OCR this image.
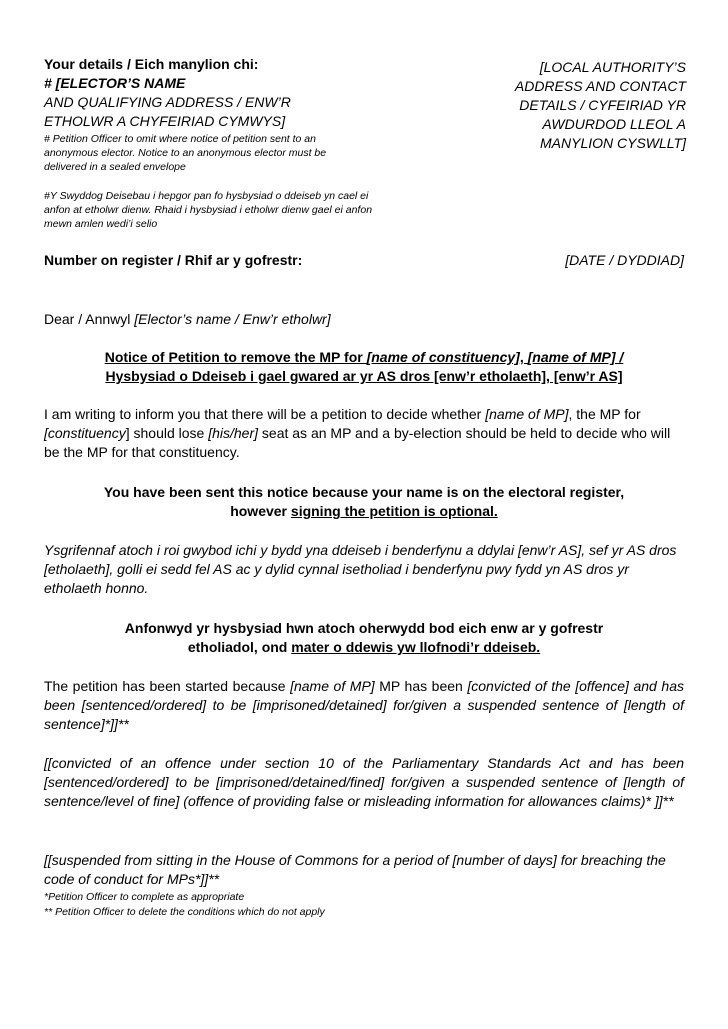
Your details / Eich manylion chi:
# [ELECTOR’S NAME
AND QUALIFYING ADDRESS / ENW’R
ETHOLWR A CHYFEIRIAD CYMWYS]
# Petition Officer to omit where notice of petition sent to an anonymous elector. Notice to an anonymous elector must be delivered in a sealed envelope
#Y Swyddog Deisebau i hepgor pan fo hysbysiad o ddeiseb yn cael ei anfon at etholwr dienw. Rhaid i hysbysiad i etholwr dienw gael ei anfon mewn amlen wedi’i selio
[LOCAL AUTHORITY’S
ADDRESS AND CONTACT
DETAILS / CYFEIRIAD YR
AWDURDOD LLEOL A
MANYLION CYSWLLT]
Number on register / Rhif ar y gofrestr:	[DATE / DYDDIAD]
Dear / Annwyl [Elector’s name / Enw’r etholwr]
Notice of Petition to remove the MP for [name of constituency], [name of MP] /
Hysbysiad o Ddeiseb i gael gwared ar yr AS dros [enw’r etholaeth], [enw’r AS]
I am writing to inform you that there will be a petition to decide whether [name of MP], the MP for [constituency] should lose [his/her] seat as an MP and a by-election should be held to decide who will be the MP for that constituency.
You have been sent this notice because your name is on the electoral register,
however signing the petition is optional.
Ysgrifennaf atoch i roi gwybod ichi y bydd yna ddeiseb i benderfynu a ddylai [enw’r AS], sef yr AS dros [etholaeth], golli ei sedd fel AS ac y dylid cynnal isetholiad i benderfynu pwy fydd yn AS dros yr etholaeth honno.
Anfonwyd yr hysbysiad hwn atoch oherwydd bod eich enw ar y gofrestr
etholiadol, ond mater o ddewis yw llofnodi’r ddeiseb.
The petition has been started because [name of MP] MP has been [convicted of the [offence] and has been [sentenced/ordered] to be [imprisoned/detained] for/given a suspended sentence of [length of sentence]*]]**
[[convicted of an offence under section 10 of the Parliamentary Standards Act and has been [sentenced/ordered] to be [imprisoned/detained/fined] for/given a suspended sentence of [length of sentence/level of fine] (offence of providing false or misleading information for allowances claims)* ]]**
[[suspended from sitting in the House of Commons for a period of [number of days] for breaching the code of conduct for MPs*]]**
*Petition Officer to complete as appropriate
** Petition Officer to delete the conditions which do not apply
